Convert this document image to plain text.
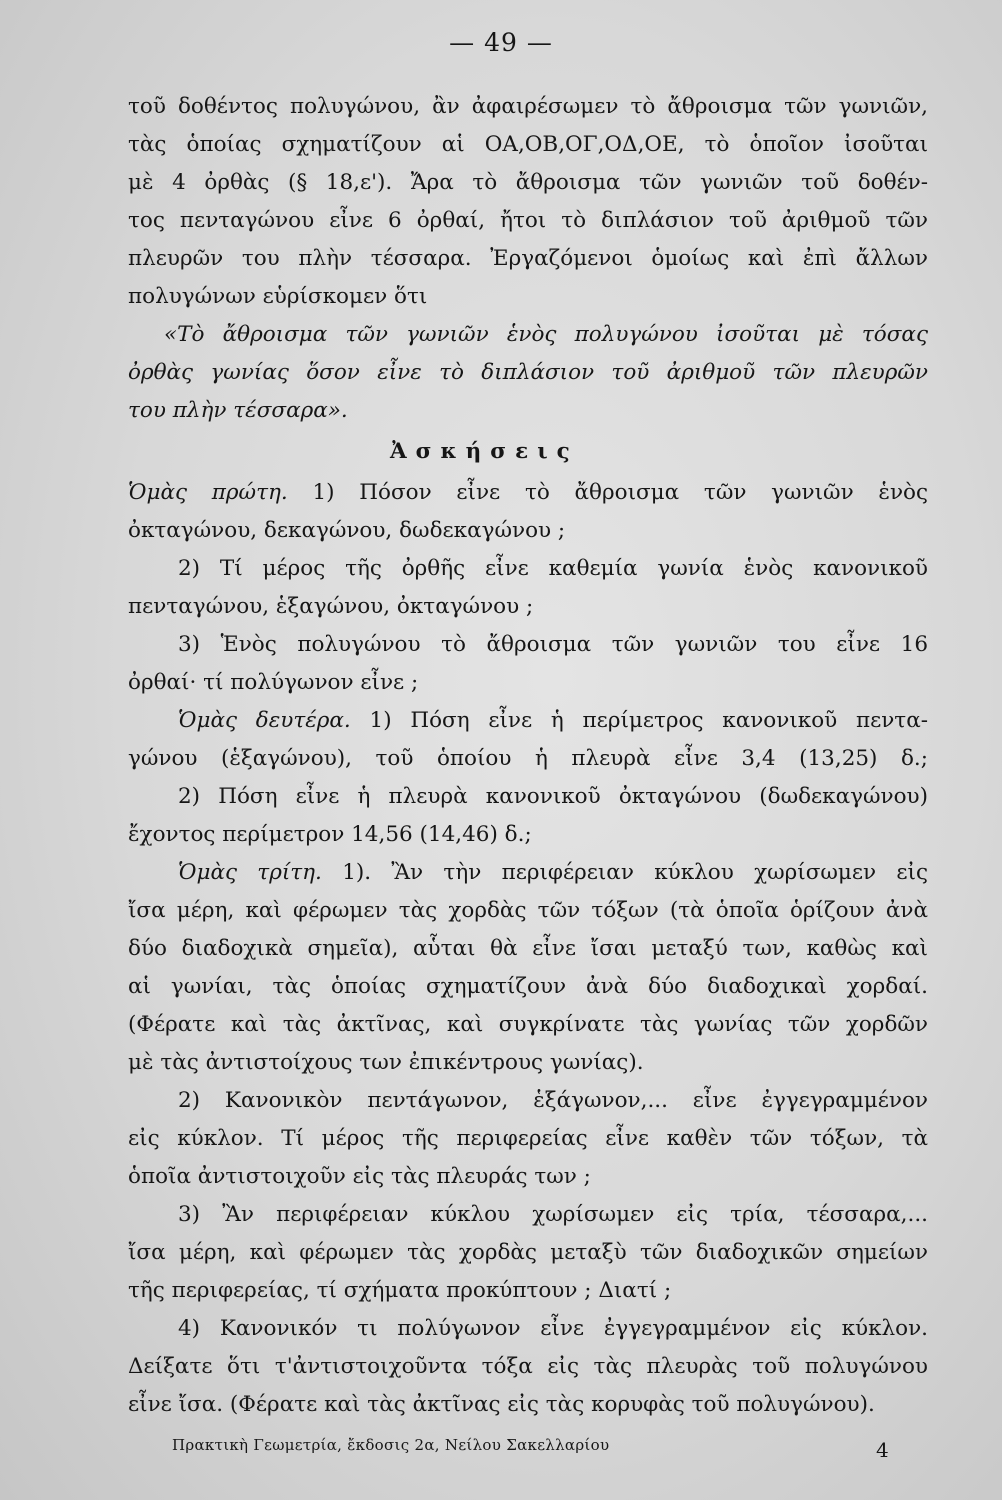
— 49 —
τοῦ δοθέντος πολυγώνου, ἂν ἀφαιρέσωμεν τὸ ἄθροισμα τῶν γωνιῶν,
τὰς ὁποίας σχηματίζουν αἱ ΟΑ,ΟΒ,ΟΓ,ΟΔ,ΟΕ, τὸ ὁποῖον ἰσοῦται
μὲ 4 ὀρθὰς (§ 18,ε'). Ἄρα τὸ ἄθροισμα τῶν γωνιῶν τοῦ δοθέν-
τος πενταγώνου εἶνε 6 ὀρθαί, ἤτοι τὸ διπλάσιον τοῦ ἀριθμοῦ τῶν
πλευρῶν του πλὴν τέσσαρα. Ἐργαζόμενοι ὁμοίως καὶ ἐπὶ ἄλλων
πολυγώνων εὑρίσκομεν ὅτι
«Τὸ ἄθροισμα τῶν γωνιῶν ἑνὸς πολυγώνου ἰσοῦται μὲ τόσας
ὀρθὰς γωνίας ὅσον εἶνε τὸ διπλάσιον τοῦ ἀριθμοῦ τῶν πλευρῶν
του πλὴν τέσσαρα».
Ἀσκήσεις
Ὁμὰς πρώτη. 1) Πόσον εἶνε τὸ ἄθροισμα τῶν γωνιῶν ἑνὸς
ὀκταγώνου, δεκαγώνου, δωδεκαγώνου ;
2) Τί μέρος τῆς ὀρθῆς εἶνε καθεμία γωνία ἑνὸς κανονικοῦ
πενταγώνου, ἑξαγώνου, ὀκταγώνου ;
3) Ἑνὸς πολυγώνου τὸ ἄθροισμα τῶν γωνιῶν του εἶνε 16
ὀρθαί· τί πολύγωνον εἶνε ;
Ὁμὰς δευτέρα. 1) Πόση εἶνε ἡ περίμετρος κανονικοῦ πεντα-
γώνου (ἑξαγώνου), τοῦ ὁποίου ἡ πλευρὰ εἶνε 3,4 (13,25) δ.;
2) Πόση εἶνε ἡ πλευρὰ κανονικοῦ ὀκταγώνου (δωδεκαγώνου)
ἔχοντος περίμετρον 14,56 (14,46) δ.;
Ὁμὰς τρίτη. 1). Ἂν τὴν περιφέρειαν κύκλου χωρίσωμεν εἰς
ἴσα μέρη, καὶ φέρωμεν τὰς χορδὰς τῶν τόξων (τὰ ὁποῖα ὁρίζουν ἀνὰ
δύο διαδοχικὰ σημεῖα), αὗται θὰ εἶνε ἴσαι μεταξύ των, καθὼς καὶ
αἱ γωνίαι, τὰς ὁποίας σχηματίζουν ἀνὰ δύο διαδοχικαὶ χορδαί.
(Φέρατε καὶ τὰς ἀκτῖνας, καὶ συγκρίνατε τὰς γωνίας τῶν χορδῶν
μὲ τὰς ἀντιστοίχους των ἐπικέντρους γωνίας).
2) Κανονικὸν πεντάγωνον, ἑξάγωνον,... εἶνε ἐγγεγραμμένον
εἰς κύκλον. Τί μέρος τῆς περιφερείας εἶνε καθὲν τῶν τόξων, τὰ
ὁποῖα ἀντιστοιχοῦν εἰς τὰς πλευράς των ;
3) Ἂν περιφέρειαν κύκλου χωρίσωμεν εἰς τρία, τέσσαρα,...
ἴσα μέρη, καὶ φέρωμεν τὰς χορδὰς μεταξὺ τῶν διαδοχικῶν σημείων
τῆς περιφερείας, τί σχήματα προκύπτουν ; Διατί ;
4) Κανονικόν τι πολύγωνον εἶνε ἐγγεγραμμένον εἰς κύκλον.
Δείξατε ὅτι τ'ἀντιστοιχοῦντα τόξα εἰς τὰς πλευρὰς τοῦ πολυγώνου
εἶνε ἴσα. (Φέρατε καὶ τὰς ἀκτῖνας εἰς τὰς κορυφὰς τοῦ πολυγώνου).
Πρακτικὴ Γεωμετρία, ἔκδοσις 2α, Νείλου Σακελλαρίου	4
